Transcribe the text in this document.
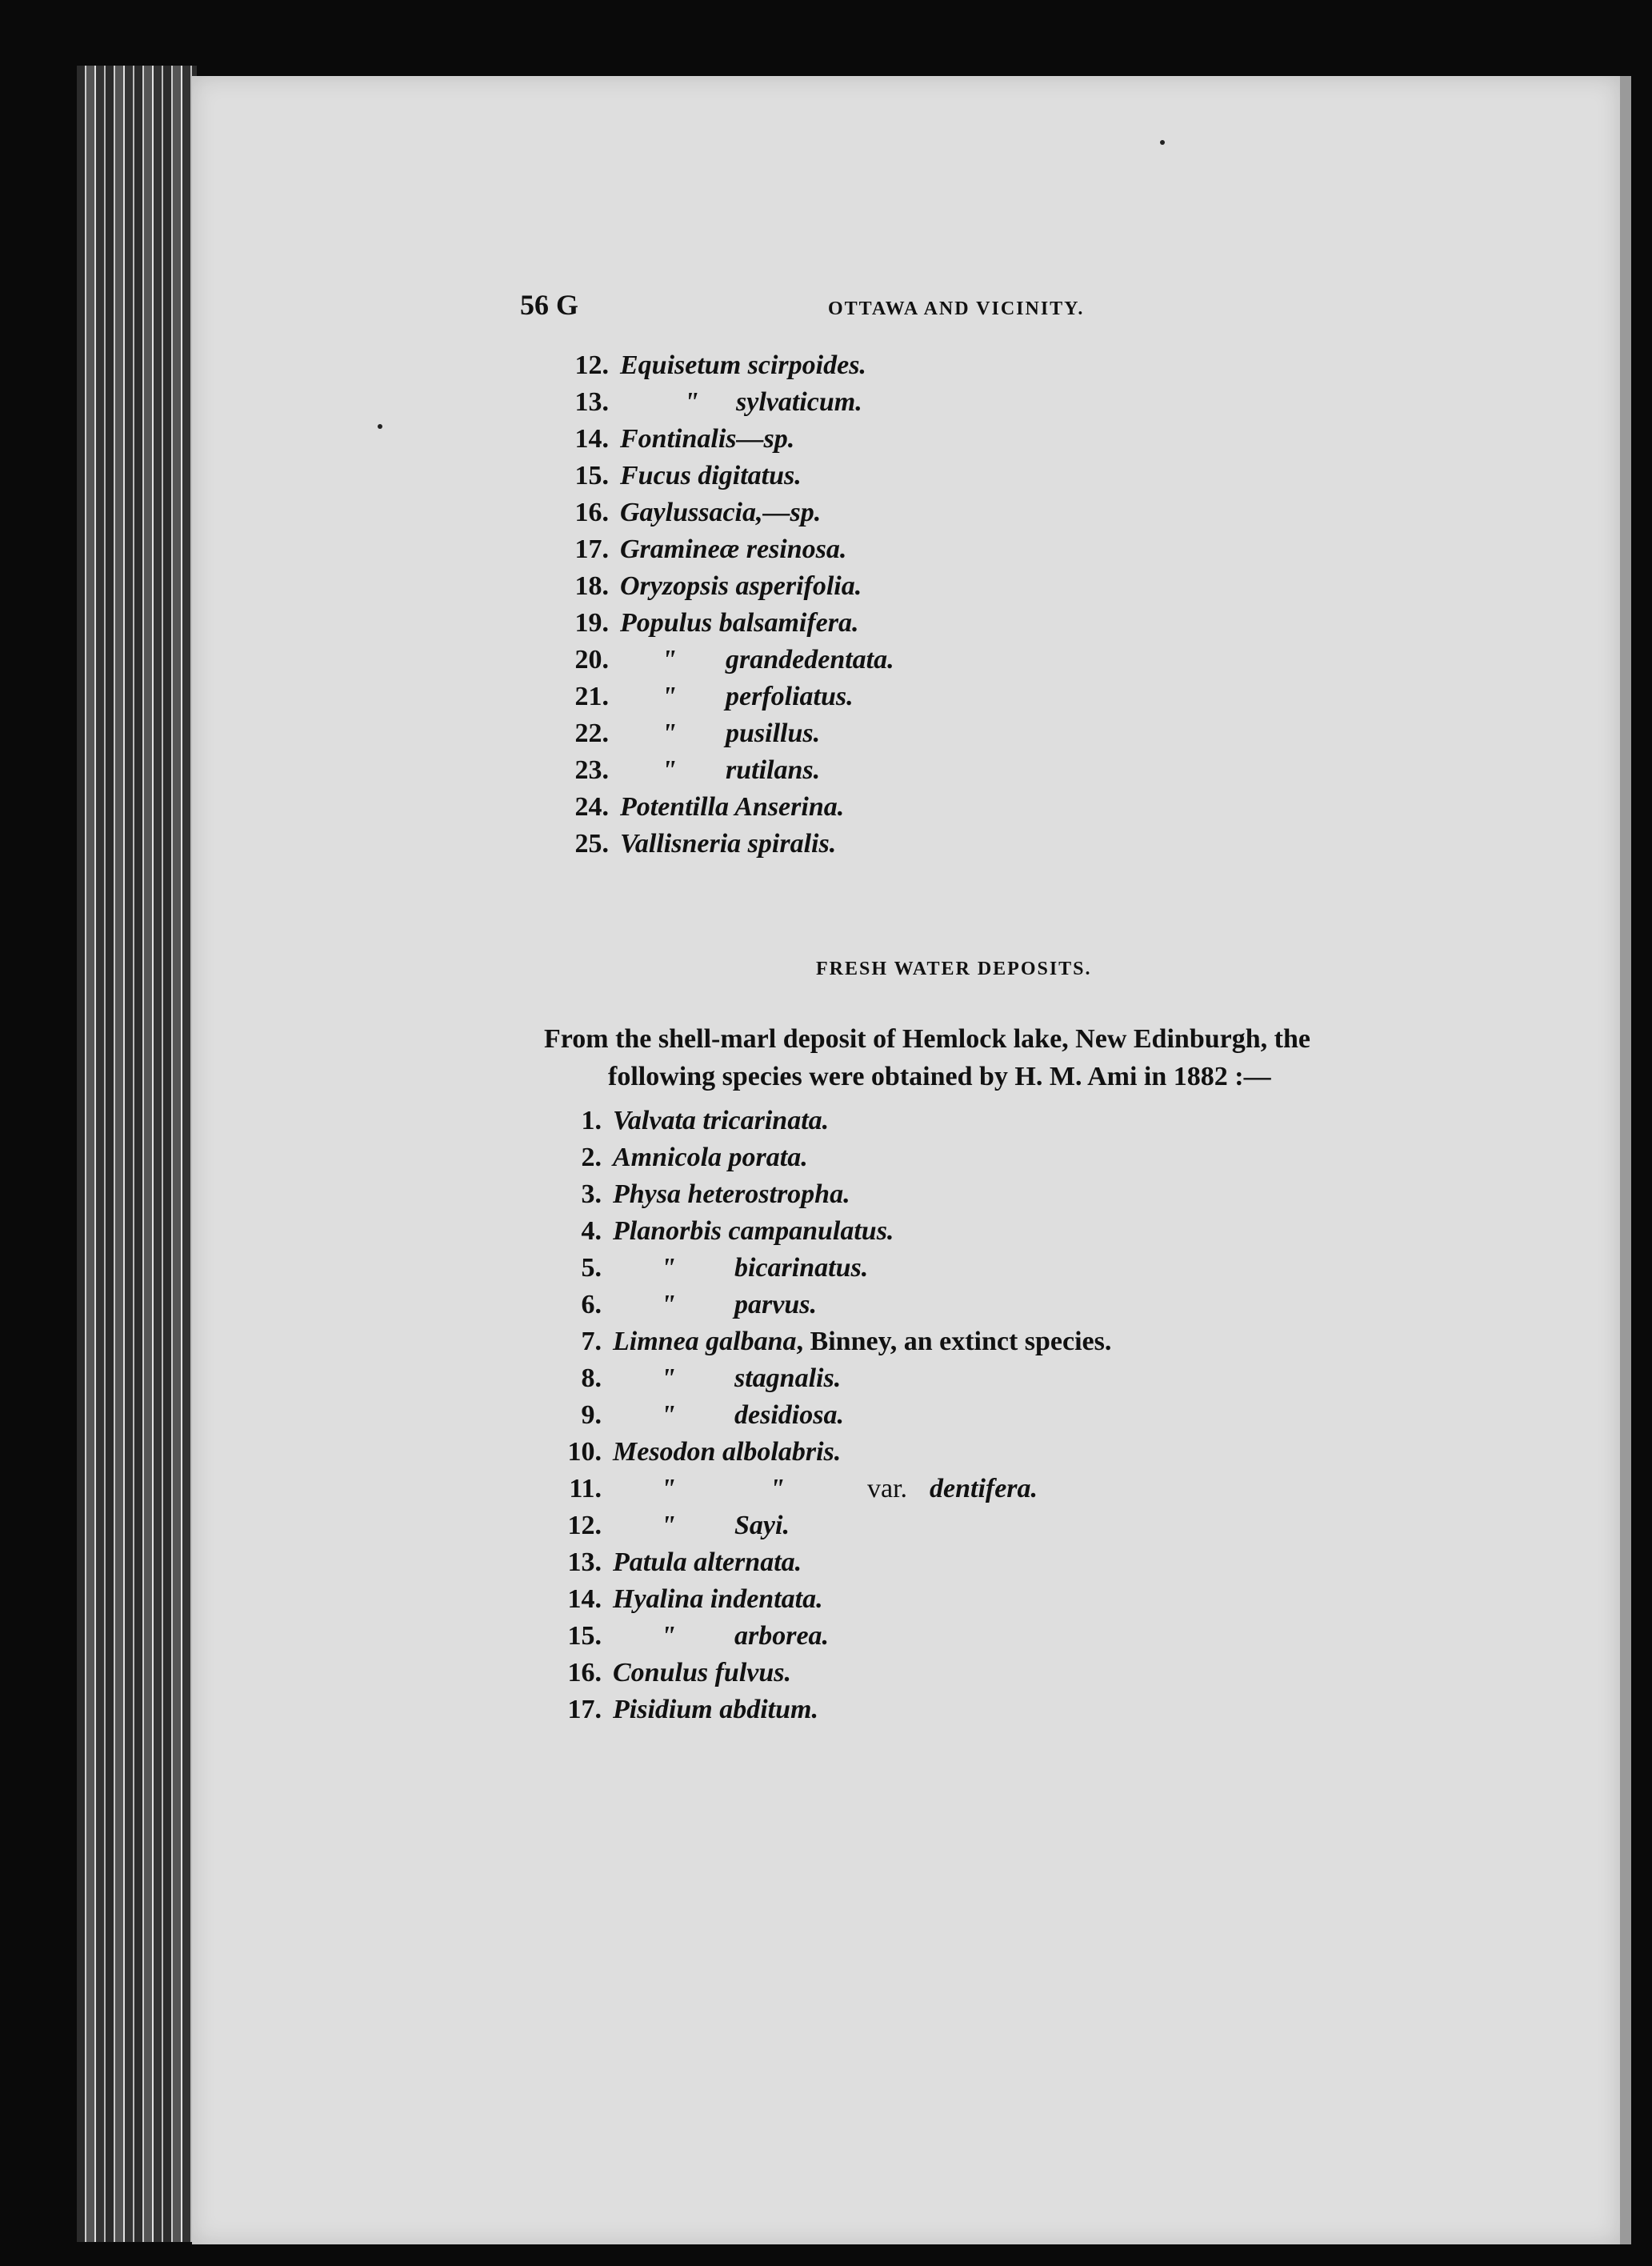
56 G	OTTAWA AND VICINITY.
12. Equisetum scirpoides.
13.	" sylvaticum.
14. Fontinalis—sp.
15. Fucus digitatus.
16. Gaylussacia,—sp.
17. Gramineæ resinosa.
18. Oryzopsis asperifolia.
19. Populus balsamifera.
20.	" grandedentata.
21.	" perfoliatus.
22.	" pusillus.
23.	" rutilans.
24. Potentilla Anserina.
25. Vallisneria spiralis.
FRESH WATER DEPOSITS.
From the shell-marl deposit of Hemlock lake, New Edinburgh, the
following species were obtained by H. M. Ami in 1882 :—
1. Valvata tricarinata.
2. Amnicola porata.
3. Physa heterostropha.
4. Planorbis campanulatus.
5.	" bicarinatus.
6.	" parvus.
7. Limnea galbana, Binney, an extinct species.
8.	" stagnalis.
9.	" desidiosa.
10. Mesodon albolabris.
11.	"	"	var. dentifera.
12.	" Sayi.
13. Patula alternata.
14. Hyalina indentata.
15.	" arborea.
16. Conulus fulvus.
17. Pisidium abditum.
